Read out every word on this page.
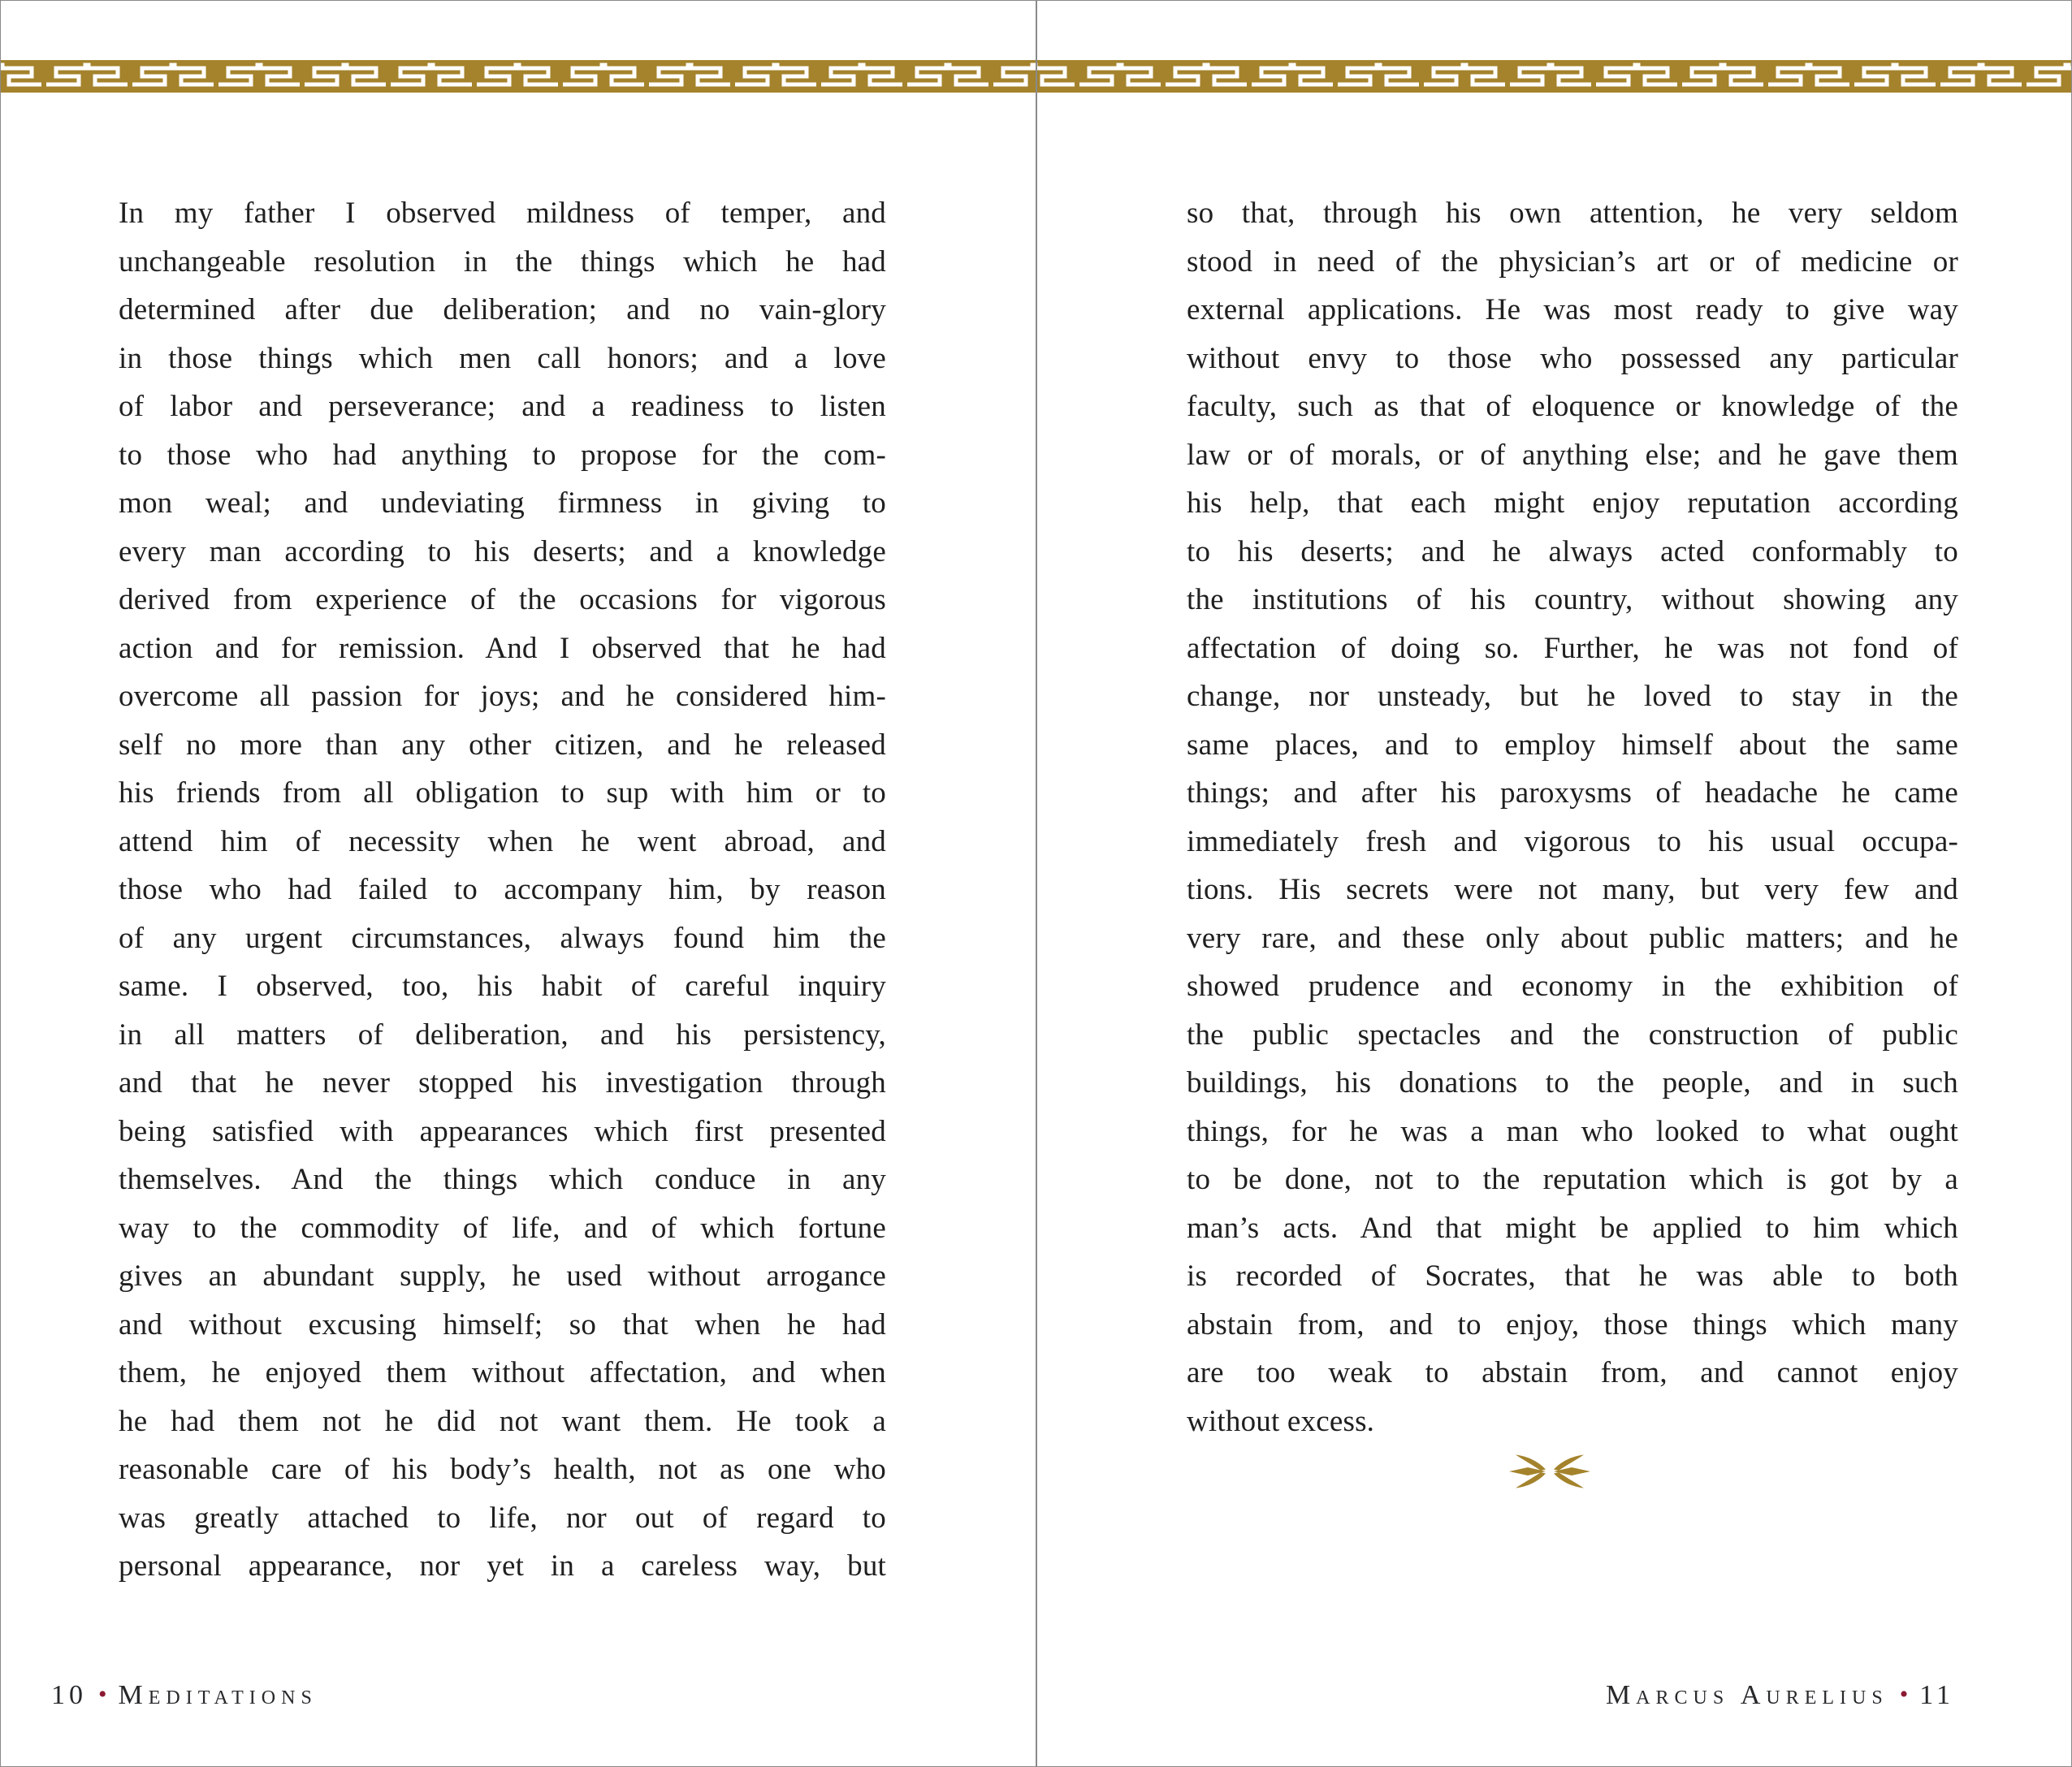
In my father I observed mildness of temper, and
unchangeable resolution in the things which he had
determined after due deliberation; and no vain-glory
in those things which men call honors; and a love
of labor and perseverance; and a readiness to listen
to those who had anything to propose for the com-
mon weal; and undeviating firmness in giving to
every man according to his deserts; and a knowledge
derived from experience of the occasions for vigorous
action and for remission. And I observed that he had
overcome all passion for joys; and he considered him-
self no more than any other citizen, and he released
his friends from all obligation to sup with him or to
attend him of necessity when he went abroad, and
those who had failed to accompany him, by reason
of any urgent circumstances, always found him the
same. I observed, too, his habit of careful inquiry
in all matters of deliberation, and his persistency,
and that he never stopped his investigation through
being satisfied with appearances which first presented
themselves. And the things which conduce in any
way to the commodity of life, and of which fortune
gives an abundant supply, he used without arrogance
and without excusing himself; so that when he had
them, he enjoyed them without affectation, and when
he had them not he did not want them. He took a
reasonable care of his body’s health, not as one who
was greatly attached to life, nor out of regard to
personal appearance, nor yet in a careless way, but
so that, through his own attention, he very seldom
stood in need of the physician’s art or of medicine or
external applications. He was most ready to give way
without envy to those who possessed any particular
faculty, such as that of eloquence or knowledge of the
law or of morals, or of anything else; and he gave them
his help, that each might enjoy reputation according
to his deserts; and he always acted conformably to
the institutions of his country, without showing any
affectation of doing so. Further, he was not fond of
change, nor unsteady, but he loved to stay in the
same places, and to employ himself about the same
things; and after his paroxysms of headache he came
immediately fresh and vigorous to his usual occupa-
tions. His secrets were not many, but very few and
very rare, and these only about public matters; and he
showed prudence and economy in the exhibition of
the public spectacles and the construction of public
buildings, his donations to the people, and in such
things, for he was a man who looked to what ought
to be done, not to the reputation which is got by a
man’s acts. And that might be applied to him which
is recorded of Socrates, that he was able to both
abstain from, and to enjoy, those things which many
are too weak to abstain from, and cannot enjoy
without excess.
10 • Meditations	Marcus Aurelius • 11
